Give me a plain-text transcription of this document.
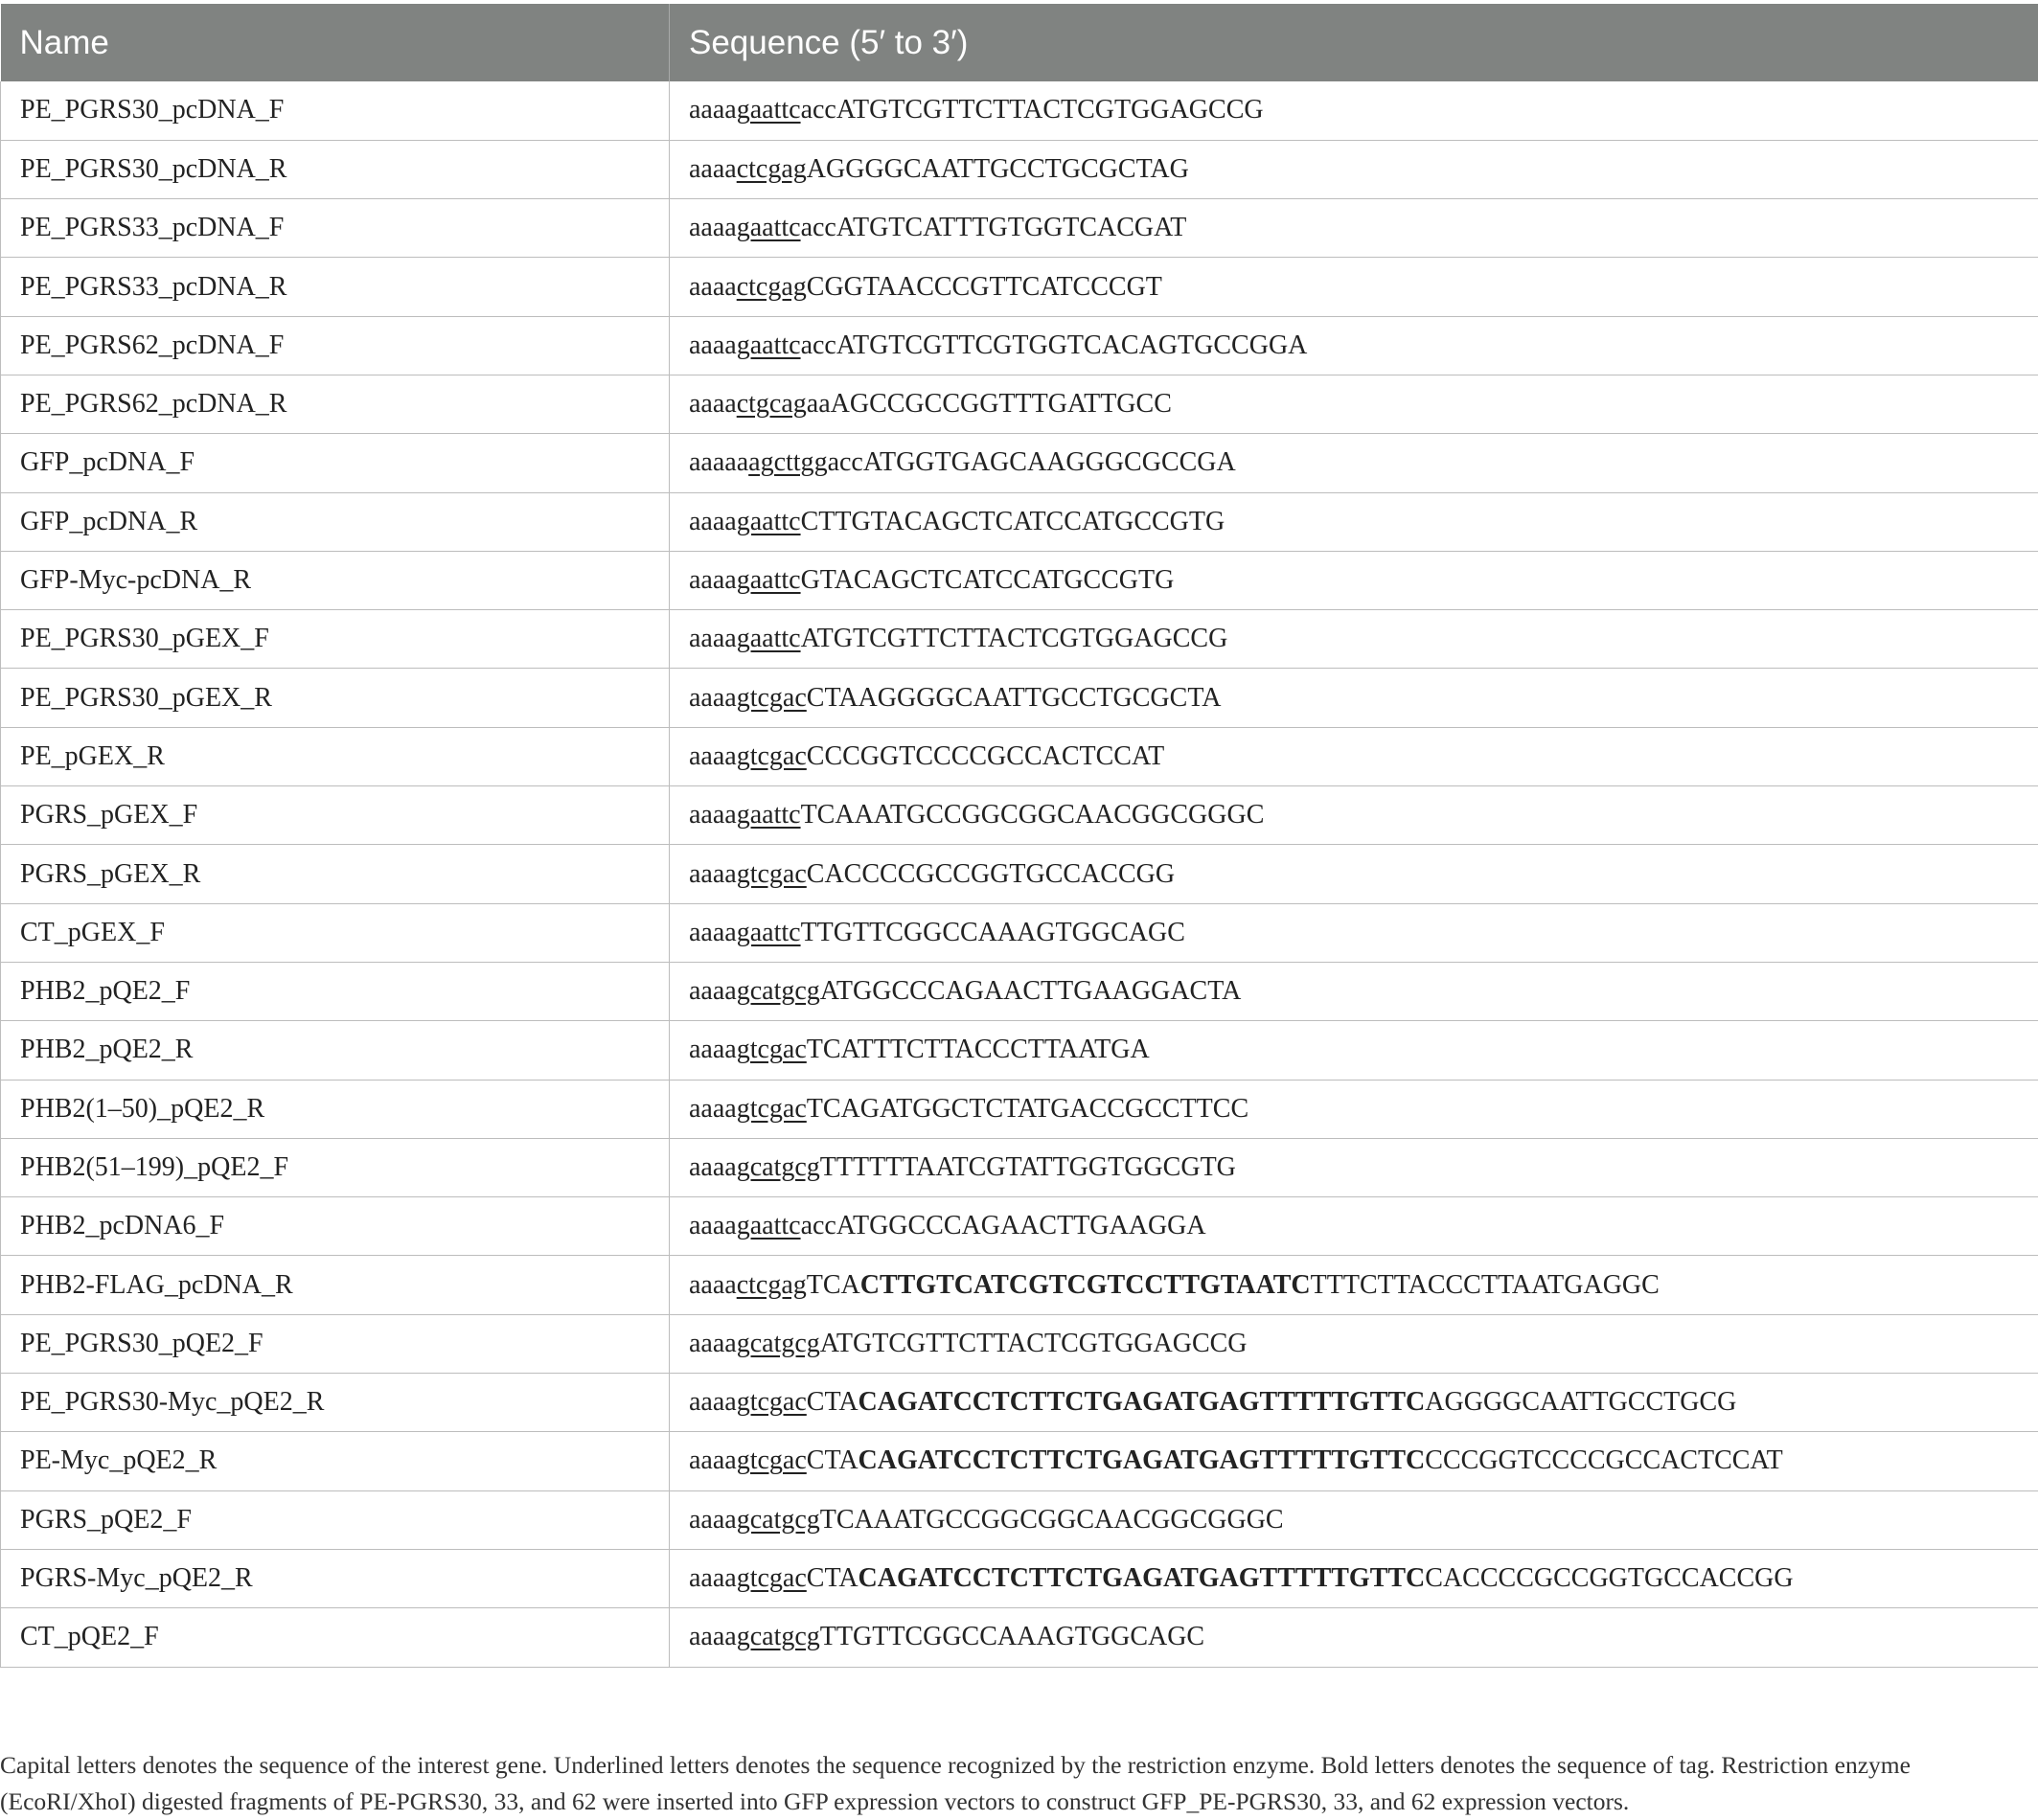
Name	Sequence (5′ to 3′)
PE_PGRS30_pcDNA_F	aaaagaattcaccATGTCGTTCTTACTCGTGGAGCCG
PE_PGRS30_pcDNA_R	aaaactcgagAGGGGCAATTGCCTGCGCTAG
PE_PGRS33_pcDNA_F	aaaagaattcaccATGTCATTTGTGGTCACGAT
PE_PGRS33_pcDNA_R	aaaactcgagCGGTAACCCGTTCATCCCGT
PE_PGRS62_pcDNA_F	aaaagaattcaccATGTCGTTCGTGGTCACAGTGCCGGA
PE_PGRS62_pcDNA_R	aaaactgcagaaAGCCGCCGGTTTGATTGCC
GFP_pcDNA_F	aaaaaagcttggaccATGGTGAGCAAGGGCGCCGA
GFP_pcDNA_R	aaaagaattcCTTGTACAGCTCATCCATGCCGTG
GFP-Myc-pcDNA_R	aaaagaattcGTACAGCTCATCCATGCCGTG
PE_PGRS30_pGEX_F	aaaagaattcATGTCGTTCTTACTCGTGGAGCCG
PE_PGRS30_pGEX_R	aaaagtcgacCTAAGGGGCAATTGCCTGCGCTA
PE_pGEX_R	aaaagtcgacCCCGGTCCCCGCCACTCCAT
PGRS_pGEX_F	aaaagaattcTCAAATGCCGGCGGCAACGGCGGGC
PGRS_pGEX_R	aaaagtcgacCACCCCGCCGGTGCCACCGG
CT_pGEX_F	aaaagaattcTTGTTCGGCCAAAGTGGCAGC
PHB2_pQE2_F	aaaagcatgcgATGGCCCAGAACTTGAAGGACTA
PHB2_pQE2_R	aaaagtcgacTCATTTCTTACCCTTAATGA
PHB2(1–50)_pQE2_R	aaaagtcgacTCAGATGGCTCTATGACCGCCTTCC
PHB2(51–199)_pQE2_F	aaaagcatgcgTTTTTTAATCGTATTGGTGGCGTG
PHB2_pcDNA6_F	aaaagaattcaccATGGCCCAGAACTTGAAGGA
PHB2-FLAG_pcDNA_R	aaaactcgagTCACTTGTCATCGTCGTCCTTGTAATCTTTCTTACCCTTAATGAGGC
PE_PGRS30_pQE2_F	aaaagcatgcgATGTCGTTCTTACTCGTGGAGCCG
PE_PGRS30-Myc_pQE2_R	aaaagtcgacCTACAGATCCTCTTCTGAGATGAGTTTTTGTTCAGGGGCAATTGCCTGCG
PE-Myc_pQE2_R	aaaagtcgacCTACAGATCCTCTTCTGAGATGAGTTTTTGTTCCCCGGTCCCCGCCACTCCAT
PGRS_pQE2_F	aaaagcatgcgTCAAATGCCGGCGGCAACGGCGGGC
PGRS-Myc_pQE2_R	aaaagtcgacCTACAGATCCTCTTCTGAGATGAGTTTTTGTTCCACCCCGCCGGTGCCACCGG
CT_pQE2_F	aaaagcatgcgTTGTTCGGCCAAAGTGGCAGC

Capital letters denotes the sequence of the interest gene. Underlined letters denotes the sequence recognized by the restriction enzyme. Bold letters denotes the sequence of tag. Restriction enzyme (EcoRI/XhoI) digested fragments of PE-PGRS30, 33, and 62 were inserted into GFP expression vectors to construct GFP_PE-PGRS30, 33, and 62 expression vectors.
